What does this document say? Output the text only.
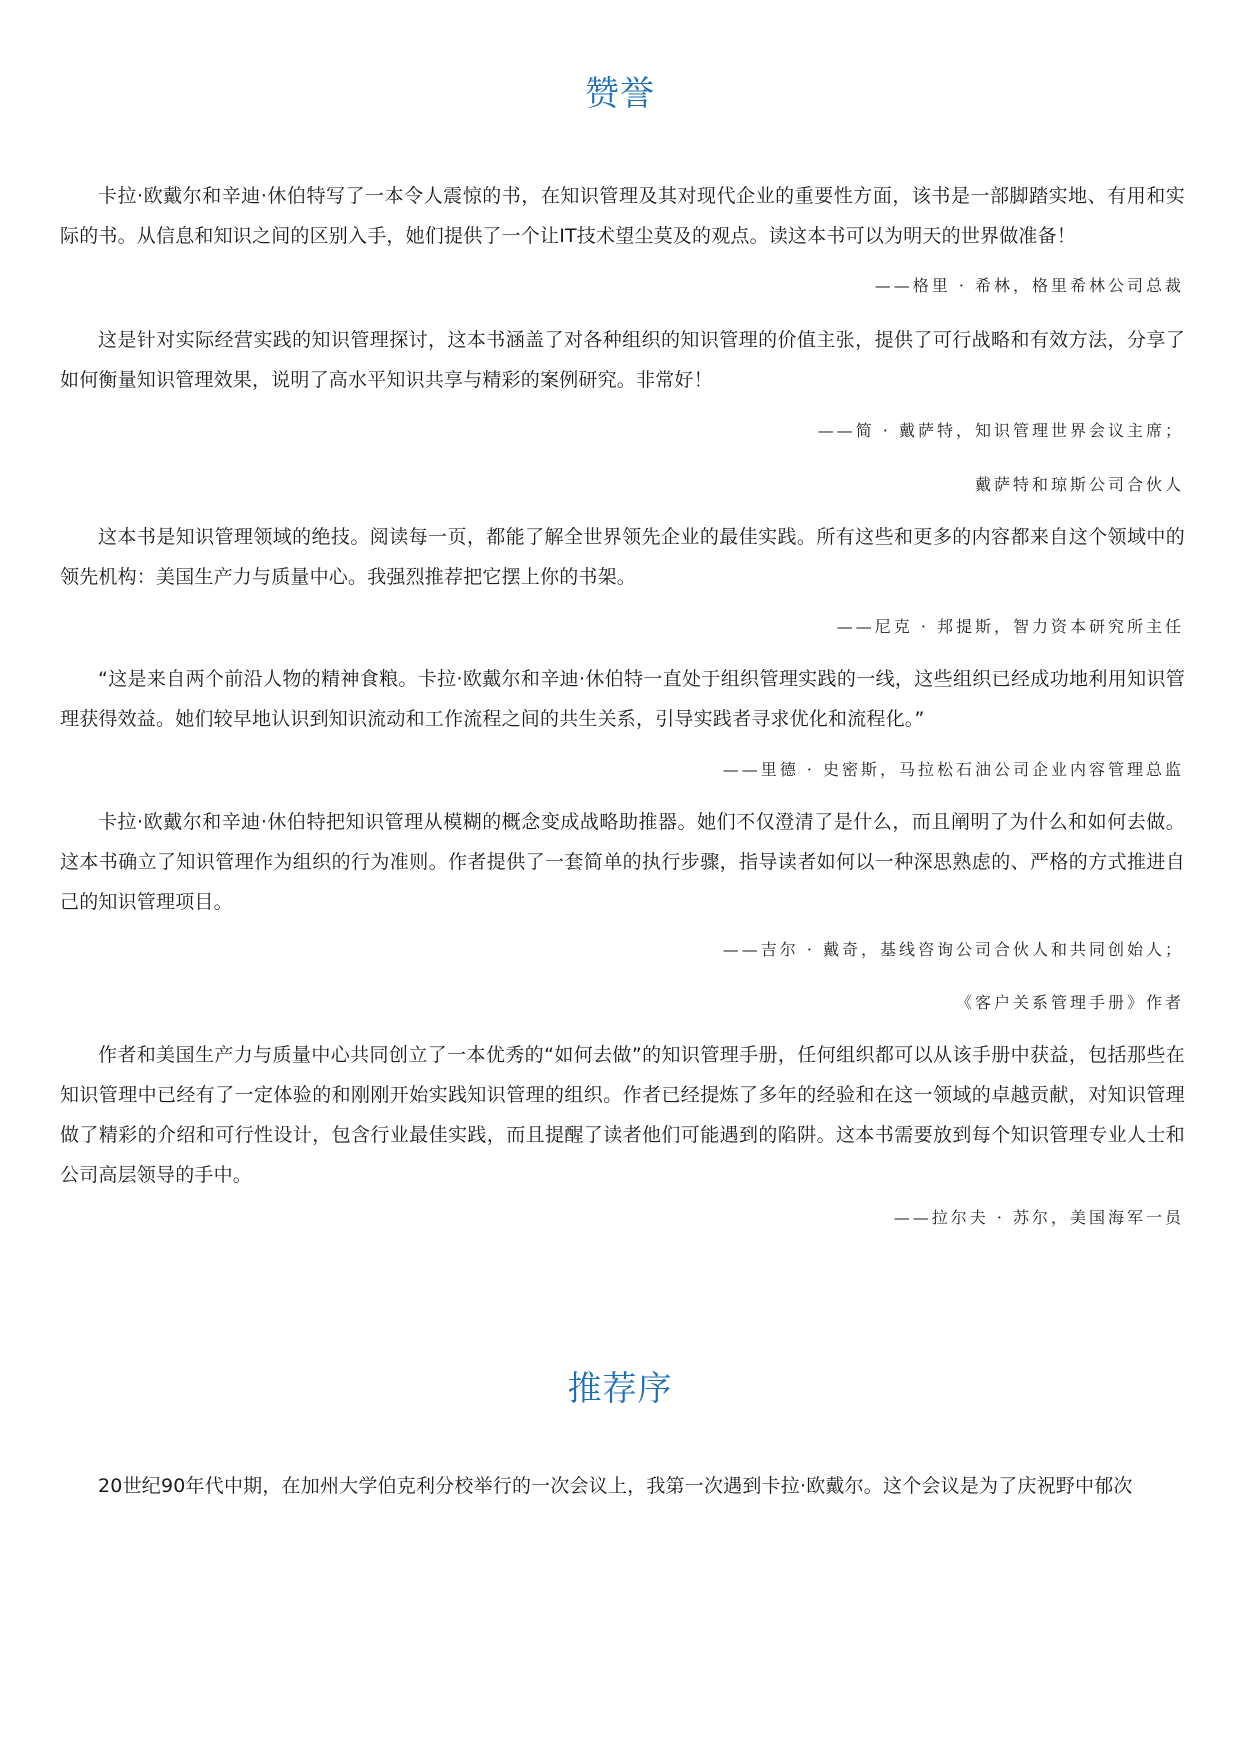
赞誉

卡拉·欧戴尔和辛迪·休伯特写了一本令人震惊的书，在知识管理及其对现代企业的重要性方面，该书是一部脚踏实地、有用和实际的书。从信息和知识之间的区别入手，她们提供了一个让IT技术望尘莫及的观点。读这本书可以为明天的世界做准备！

——格里 · 希林，格里希林公司总裁

这是针对实际经营实践的知识管理探讨，这本书涵盖了对各种组织的知识管理的价值主张，提供了可行战略和有效方法，分享了如何衡量知识管理效果，说明了高水平知识共享与精彩的案例研究。非常好！

——简 · 戴萨特，知识管理世界会议主席；

戴萨特和琼斯公司合伙人

这本书是知识管理领域的绝技。阅读每一页，都能了解全世界领先企业的最佳实践。所有这些和更多的内容都来自这个领域中的领先机构：美国生产力与质量中心。我强烈推荐把它摆上你的书架。

——尼克 · 邦提斯，智力资本研究所主任

“这是来自两个前沿人物的精神食粮。卡拉·欧戴尔和辛迪·休伯特一直处于组织管理实践的一线，这些组织已经成功地利用知识管理获得效益。她们较早地认识到知识流动和工作流程之间的共生关系，引导实践者寻求优化和流程化。”

——里德 · 史密斯，马拉松石油公司企业内容管理总监

卡拉·欧戴尔和辛迪·休伯特把知识管理从模糊的概念变成战略助推器。她们不仅澄清了是什么，而且阐明了为什么和如何去做。这本书确立了知识管理作为组织的行为准则。作者提供了一套简单的执行步骤，指导读者如何以一种深思熟虑的、严格的方式推进自己的知识管理项目。

——吉尔 · 戴奇，基线咨询公司合伙人和共同创始人；

《客户关系管理手册》作者

作者和美国生产力与质量中心共同创立了一本优秀的“如何去做”的知识管理手册，任何组织都可以从该手册中获益，包括那些在知识管理中已经有了一定体验的和刚刚开始实践知识管理的组织。作者已经提炼了多年的经验和在这一领域的卓越贡献，对知识管理做了精彩的介绍和可行性设计，包含行业最佳实践，而且提醒了读者他们可能遇到的陷阱。这本书需要放到每个知识管理专业人士和公司高层领导的手中。

——拉尔夫 · 苏尔，美国海军一员

推荐序

20世纪90年代中期，在加州大学伯克利分校举行的一次会议上，我第一次遇到卡拉·欧戴尔。这个会议是为了庆祝野中郁次
